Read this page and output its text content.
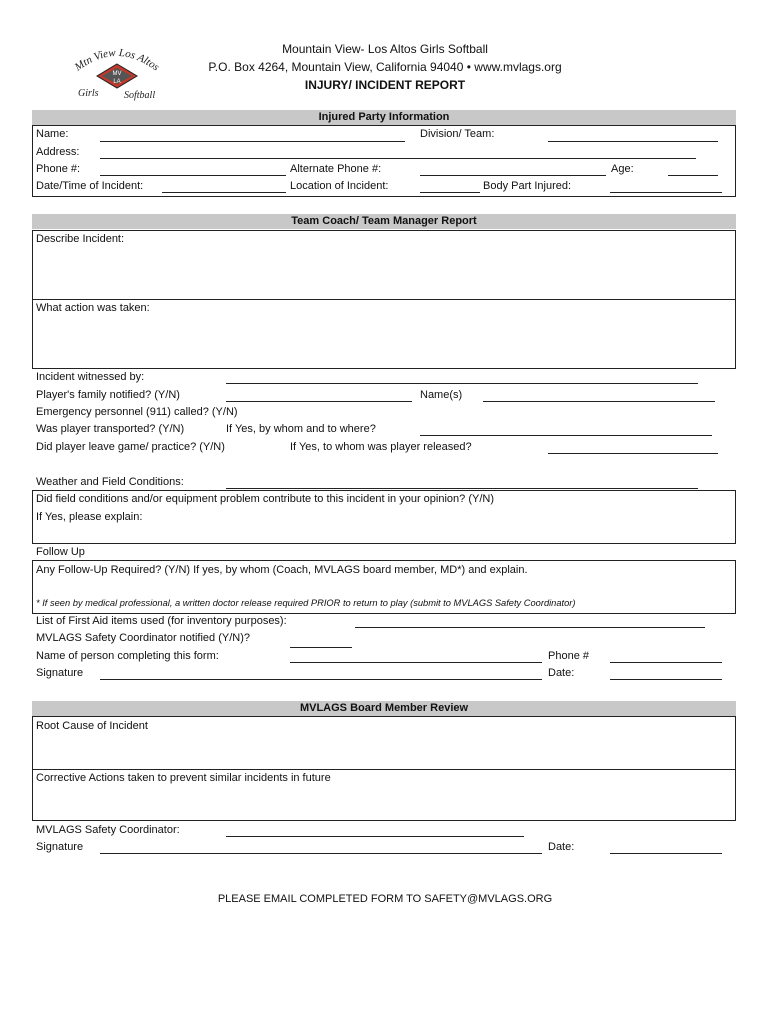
Mtn View Los Altos
MV
LA
Girls	Softball
Mountain View- Los Altos Girls Softball
P.O. Box 4264, Mountain View, California 94040 • www.mvlags.org
INJURY/ INCIDENT REPORT
Injured Party Information
Name:	Division/ Team:
Address:
Phone #:	Alternate Phone #:	Age:
Date/Time of Incident:	Location of Incident:	Body Part Injured:
Team Coach/ Team Manager Report
Describe Incident:
What action was taken:
Incident witnessed by:
Player's family notified? (Y/N)	Name(s)
Emergency personnel (911) called? (Y/N)
Was player transported? (Y/N)	If Yes, by whom and to where?
Did player leave game/ practice? (Y/N)	If Yes, to whom was player released?
Weather and Field Conditions:
Did field conditions and/or equipment problem contribute to this incident in your opinion? (Y/N)
If Yes, please explain:
Follow Up
Any Follow-Up Required? (Y/N) If yes, by whom (Coach, MVLAGS board member, MD*) and explain.
* If seen by medical professional, a written doctor release required PRIOR to return to play (submit to MVLAGS Safety Coordinator)
List of First Aid items used (for inventory purposes):
MVLAGS Safety Coordinator notified (Y/N)?
Name of person completing this form:	Phone #
Signature	Date:
MVLAGS Board Member Review
Root Cause of Incident
Corrective Actions taken to prevent similar incidents in future
MVLAGS Safety Coordinator:
Signature	Date:
PLEASE EMAIL COMPLETED FORM TO SAFETY@MVLAGS.ORG
